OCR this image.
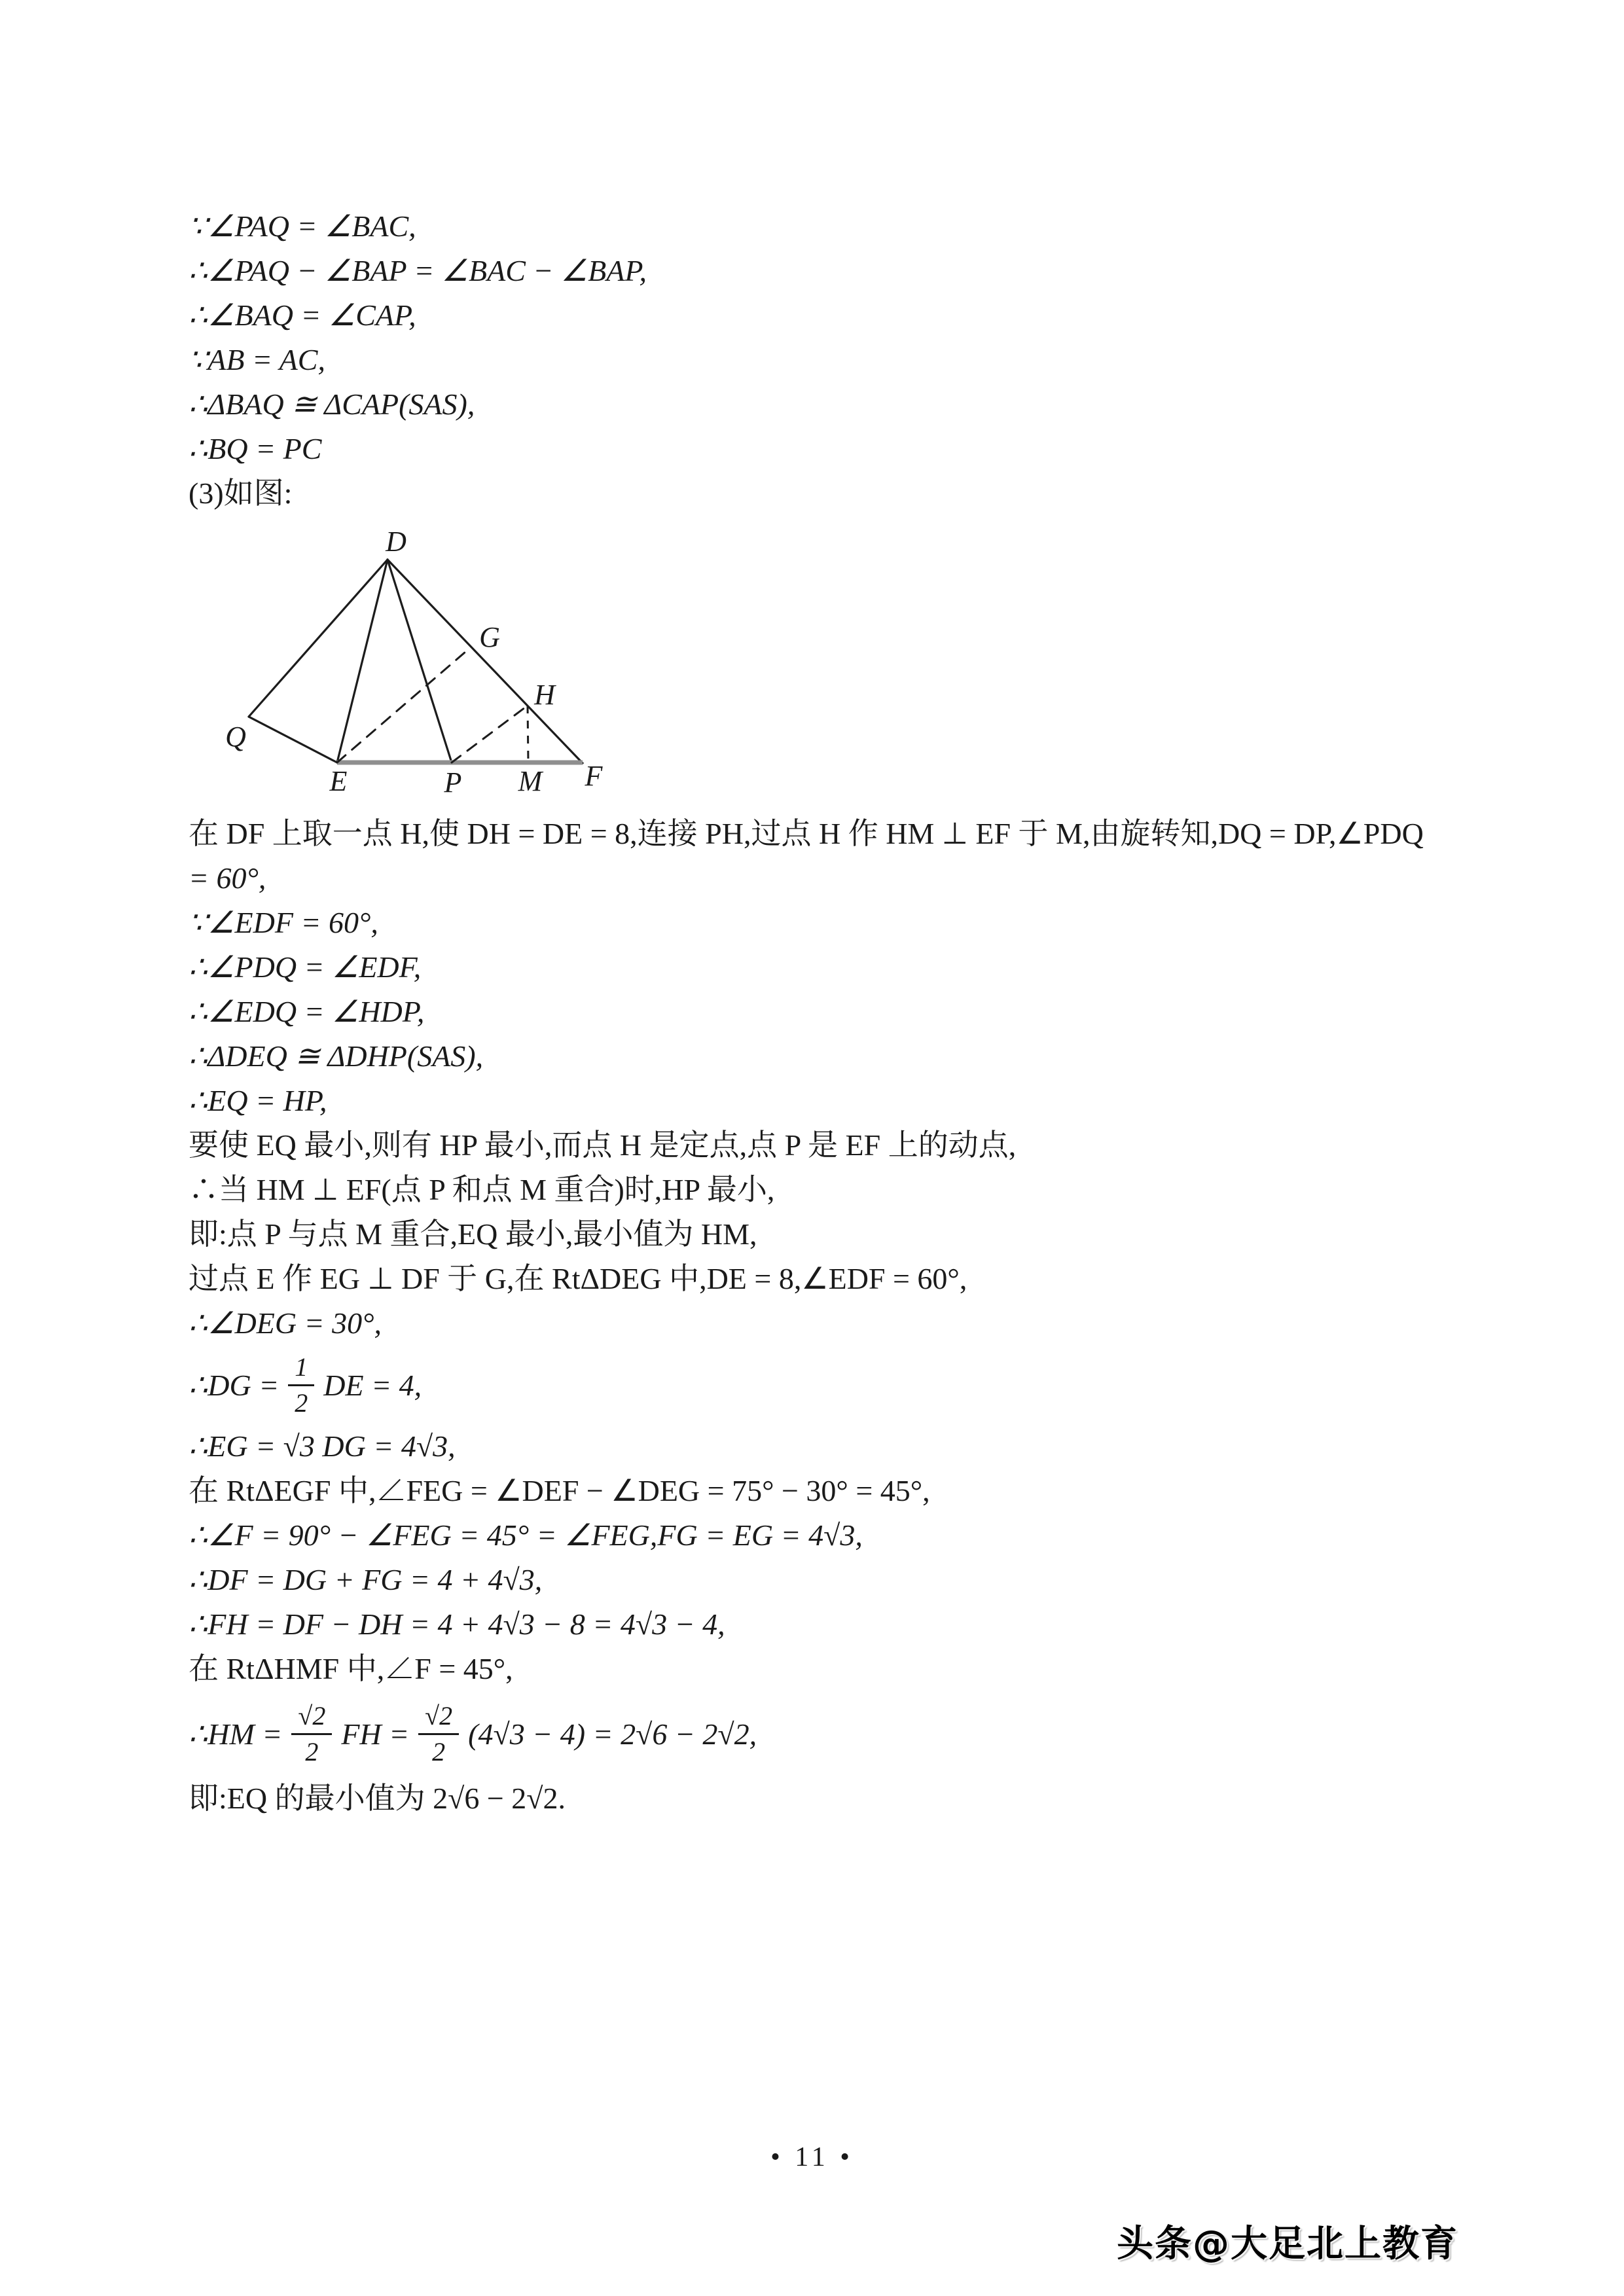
∵∠PAQ = ∠BAC,
∴∠PAQ − ∠BAP = ∠BAC − ∠BAP,
∴∠BAQ = ∠CAP,
∵AB = AC,
∴ΔBAQ ≅ ΔCAP(SAS),
∴BQ = PC
(3)如图:
D
G
H
Q
E	P M F
在 DF 上取一点 H,使 DH = DE = 8,连接 PH,过点 H 作 HM ⊥ EF 于 M,由旋转知,DQ = DP,∠PDQ
= 60°,
∵∠EDF = 60°,
∴∠PDQ = ∠EDF,
∴∠EDQ = ∠HDP,
∴ΔDEQ ≅ ΔDHP(SAS),
∴EQ = HP,
要使 EQ 最小,则有 HP 最小,而点 H 是定点,点 P 是 EF 上的动点,
∴当 HM ⊥ EF(点 P 和点 M 重合)时,HP 最小,
即:点 P 与点 M 重合,EQ 最小,最小值为 HM,
过点 E 作 EG ⊥ DF 于 G,在 RtΔDEG 中,DE = 8,∠EDF = 60°,
∴∠DEG = 30°,
∴DG = $\frac{1}{2}$ DE = 4,
∴EG = √3 DG = 4√3,
在 RtΔEGF 中,∠FEG = ∠DEF − ∠DEG = 75° − 30° = 45°,
∴∠F = 90° − ∠FEG = 45° = ∠FEG,FG = EG = 4√3,
∴DF = DG + FG = 4 + 4√3,
∴FH = DF − DH = 4 + 4√3 − 8 = 4√3 − 4,
在 RtΔHMF 中,∠F = 45°,
∴HM = $\frac{√2}{2}$ FH = $\frac{√2}{2} (4√3 - 4) = 2√6 - 2√2$,
即:EQ 的最小值为 2√6 − 2√2.
• 11 •
头条@大足北上教育
